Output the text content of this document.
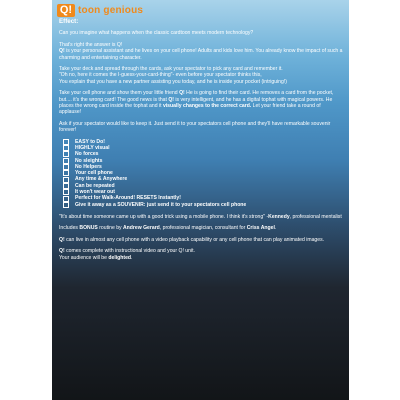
Q! toon genious
Effect:

Can you imagine what happens when the classic cardtoon meets modern technology?

That's right the answer is Q!
Q! is your personal assistant and he lives on your cell phone! Adults and kids love him. You already know the impact of such a charming and entertaining character.

Take your deck and spread through the cards, ask your spectator to pick any card and remember it.
"Oh no, here it comes the I-guess-your-card-thing"- even before your spectator thinks this,
You explain that you have a new partner assisting you today, and he is inside your pocket (intriguing!)

Take your cell phone and show them your little friend Q! He is going to find their card. He removes a card from the pocket, but.... it's the wrong card! The good news is that Q! is very intelligent, and he has a digital tophat with magical powers. He places the wrong card inside the tophat and it visually changes to the correct card. Let your friend take a round of applause!

Ask if your spectator would like to keep it. Just send it to your spectators cell phone and they'll have remarkable souvenir forever!

EASY to Do!
HIGHLY visual
No forces
No sleights
No Helpers
Your cell phone
Any time & Anywhere
Can be repeated
It won't wear out
Perfect for Walk-Around! RESETS Instantly!
Give it away as a SOUVENIR: just send it to your spectators cell phone

"It's about time someone came up with a good trick using a mobile phone. I think it's strong" -Kennedy, professional mentalist

Includes BONUS routine by Andrew Gerard, professional magician, consultant for Criss Angel.

Q! can live in almost any cell phone with a video playback capability or any cell phone that can play animated images.

Q! comes complete with instructional video and your Q! unit.
Your audience will be delighted.
